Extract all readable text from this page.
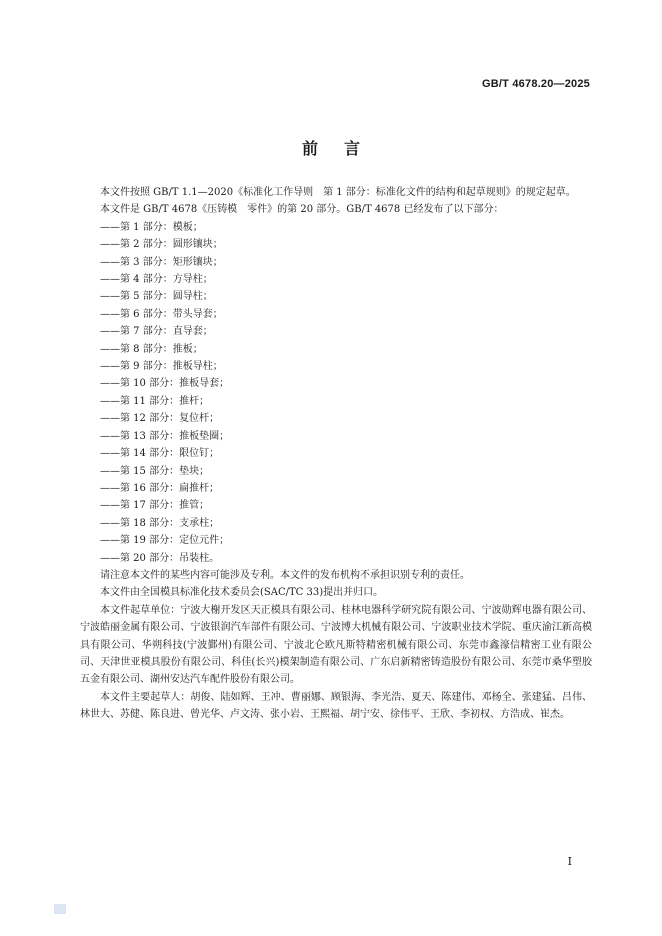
GB/T 4678.20—2025
前言

本文件按照 GB/T 1.1—2020《标准化工作导则　第 1 部分：标准化文件的结构和起草规则》的规定起草。

本文件是 GB/T 4678《压铸模　零件》的第 20 部分。GB/T 4678 已经发布了以下部分：

——第 1 部分：模板；

——第 2 部分：圆形镶块；

——第 3 部分：矩形镶块；

——第 4 部分：方导柱；

——第 5 部分：圆导柱；

——第 6 部分：带头导套；

——第 7 部分：直导套；

——第 8 部分：推板；

——第 9 部分：推板导柱；

——第 10 部分：推板导套；

——第 11 部分：推杆；

——第 12 部分：复位杆；

——第 13 部分：推板垫圈；

——第 14 部分：限位钉；

——第 15 部分：垫块；

——第 16 部分：扁推杆；

——第 17 部分：推管；

——第 18 部分：支承柱；

——第 19 部分：定位元件；

——第 20 部分：吊装柱。

请注意本文件的某些内容可能涉及专利。本文件的发布机构不承担识别专利的责任。

本文件由全国模具标准化技术委员会(SAC/TC 33)提出并归口。

本文件起草单位：宁波大榭开发区天正模具有限公司、桂林电器科学研究院有限公司、宁波勋辉电器有限公司、宁波皓丽金属有限公司、宁波银润汽车部件有限公司、宁波博大机械有限公司、宁波职业技术学院、重庆渝江新高模具有限公司、华朔科技(宁波鄞州)有限公司、宁波北仑欧凡斯特精密机械有限公司、东莞市鑫濠信精密工业有限公司、天津世亚模具股份有限公司、科佳(长兴)模架制造有限公司、广东启新精密铸造股份有限公司、东莞市桑华塑胶五金有限公司、湖州安达汽车配件股份有限公司。

本文件主要起草人：胡俊、陆如辉、王冲、曹丽娜、顾银海、李光浩、夏天、陈建伟、邓杨全、张建猛、吕伟、林世大、苏健、陈良进、曾光华、卢文涛、张小岩、王熙福、胡宁安、徐伟平、王欣、李初权、方浩成、崔杰。

I
